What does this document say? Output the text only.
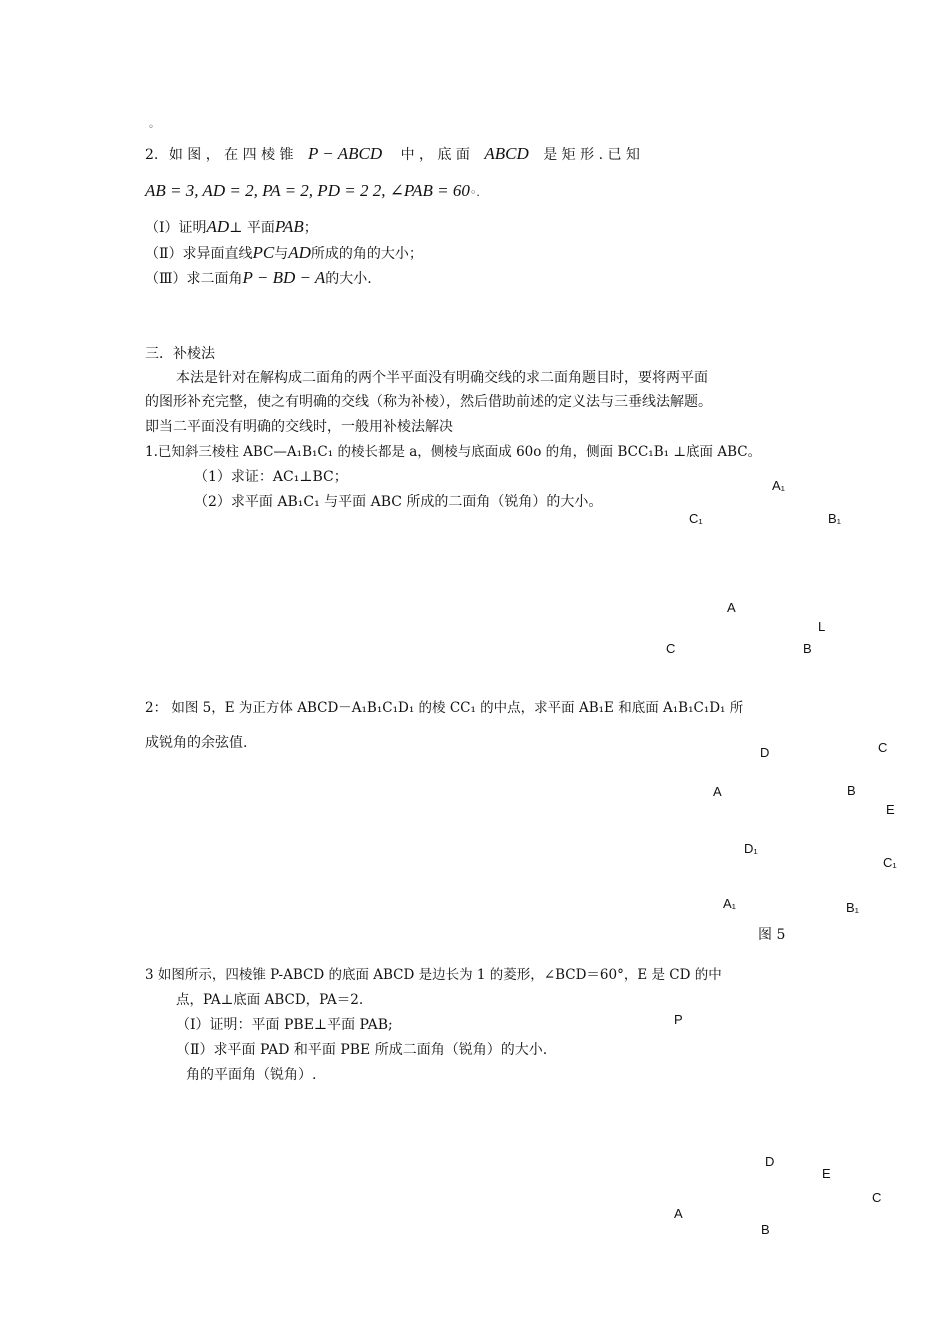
◦
2. 如 图 ， 在 四 棱 锥 P − ABCD 中 ， 底 面 ABCD 是 矩 形 . 已 知
AB = 3, AD = 2, PA = 2, PD = 2 2, ∠PAB = 60◦.
（Ⅰ）证明AD⊥ 平面PAB；
（Ⅱ）求异面直线PC与AD所成的角的大小；
（Ⅲ）求二面角P − BD − A的大小.
三．补棱法
本法是针对在解构成二面角的两个半平面没有明确交线的求二面角题目时，要将两平面
的图形补充完整，使之有明确的交线（称为补棱），然后借助前述的定义法与三垂线法解题。
即当二平面没有明确的交线时，一般用补棱法解决
1.已知斜三棱柱 ABC—A₁B₁C₁ 的棱长都是 a，侧棱与底面成 60o 的角，侧面 BCC₁B₁ ⊥底面 ABC。
（1）求证：AC₁⊥BC；
（2）求平面 AB₁C₁ 与平面 ABC 所成的二面角（锐角）的大小。
A₁
C₁	B₁
A
L
C	B
2： 如图 5，E 为正方体 ABCD－A₁B₁C₁D₁ 的棱 CC₁ 的中点，求平面 AB₁E 和底面 A₁B₁C₁D₁ 所
成锐角的余弦值.
D	C
A	B
E
D₁
C₁
A₁	B₁
图 5
3 如图所示，四棱锥 P-ABCD 的底面 ABCD 是边长为 1 的菱形，∠BCD＝60°，E 是 CD 的中
点，PA⊥底面 ABCD，PA＝2.
（Ⅰ）证明：平面 PBE⊥平面 PAB;
（Ⅱ）求平面 PAD 和平面 PBE 所成二面角（锐角）的大小.
角的平面角（锐角）.
P
D
E
C
A
B
